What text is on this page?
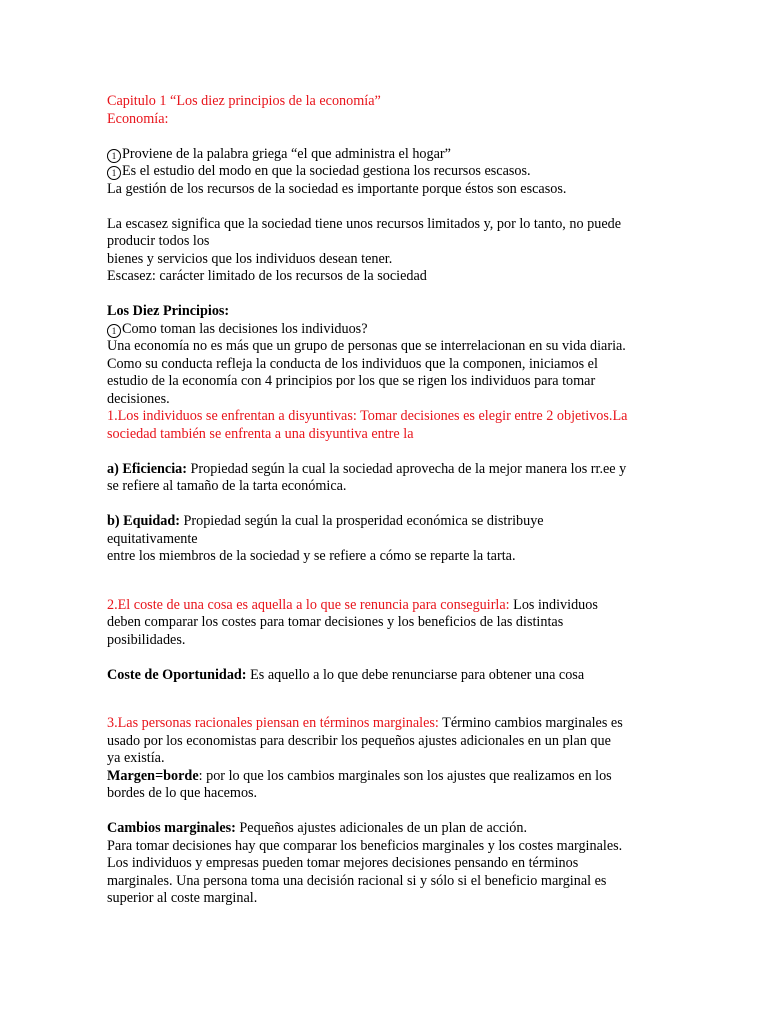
Capitulo 1 “Los diez principios de la economía”
Economía:
1 Proviene de la palabra griega “el que administra el hogar”
1 Es el estudio del modo en que la sociedad gestiona los recursos escasos.
La gestión de los recursos de la sociedad es importante porque éstos son escasos.
La escasez significa que la sociedad tiene unos recursos limitados y, por lo tanto, no puede
producir todos los
bienes y servicios que los individuos desean tener.
Escasez: carácter limitado de los recursos de la sociedad
Los Diez Principios:
1 Como toman las decisiones los individuos?
Una economía no es más que un grupo de personas que se interrelacionan en su vida diaria.
Como su conducta refleja la conducta de los individuos que la componen, iniciamos el
estudio de la economía con 4 principios por los que se rigen los individuos para tomar
decisiones.
1.Los individuos se enfrentan a disyuntivas: Tomar decisiones es elegir entre 2 objetivos.La
sociedad también se enfrenta a una disyuntiva entre la
a) Eficiencia: Propiedad según la cual la sociedad aprovecha de la mejor manera los rr.ee y
se refiere al tamaño de la tarta económica.
b) Equidad: Propiedad según la cual la prosperidad económica se distribuye
equitativamente
entre los miembros de la sociedad y se refiere a cómo se reparte la tarta.
2.El coste de una cosa es aquella a lo que se renuncia para conseguirla: Los individuos
deben comparar los costes para tomar decisiones y los beneficios de las distintas
posibilidades.
Coste de Oportunidad: Es aquello a lo que debe renunciarse para obtener una cosa
3.Las personas racionales piensan en términos marginales: Término cambios marginales es
usado por los economistas para describir los pequeños ajustes adicionales en un plan que
ya existía.
Margen=borde: por lo que los cambios marginales son los ajustes que realizamos en los
bordes de lo que hacemos.
Cambios marginales: Pequeños ajustes adicionales de un plan de acción.
Para tomar decisiones hay que comparar los beneficios marginales y los costes marginales.
Los individuos y empresas pueden tomar mejores decisiones pensando en términos
marginales. Una persona toma una decisión racional si y sólo si el beneficio marginal es
superior al coste marginal.
